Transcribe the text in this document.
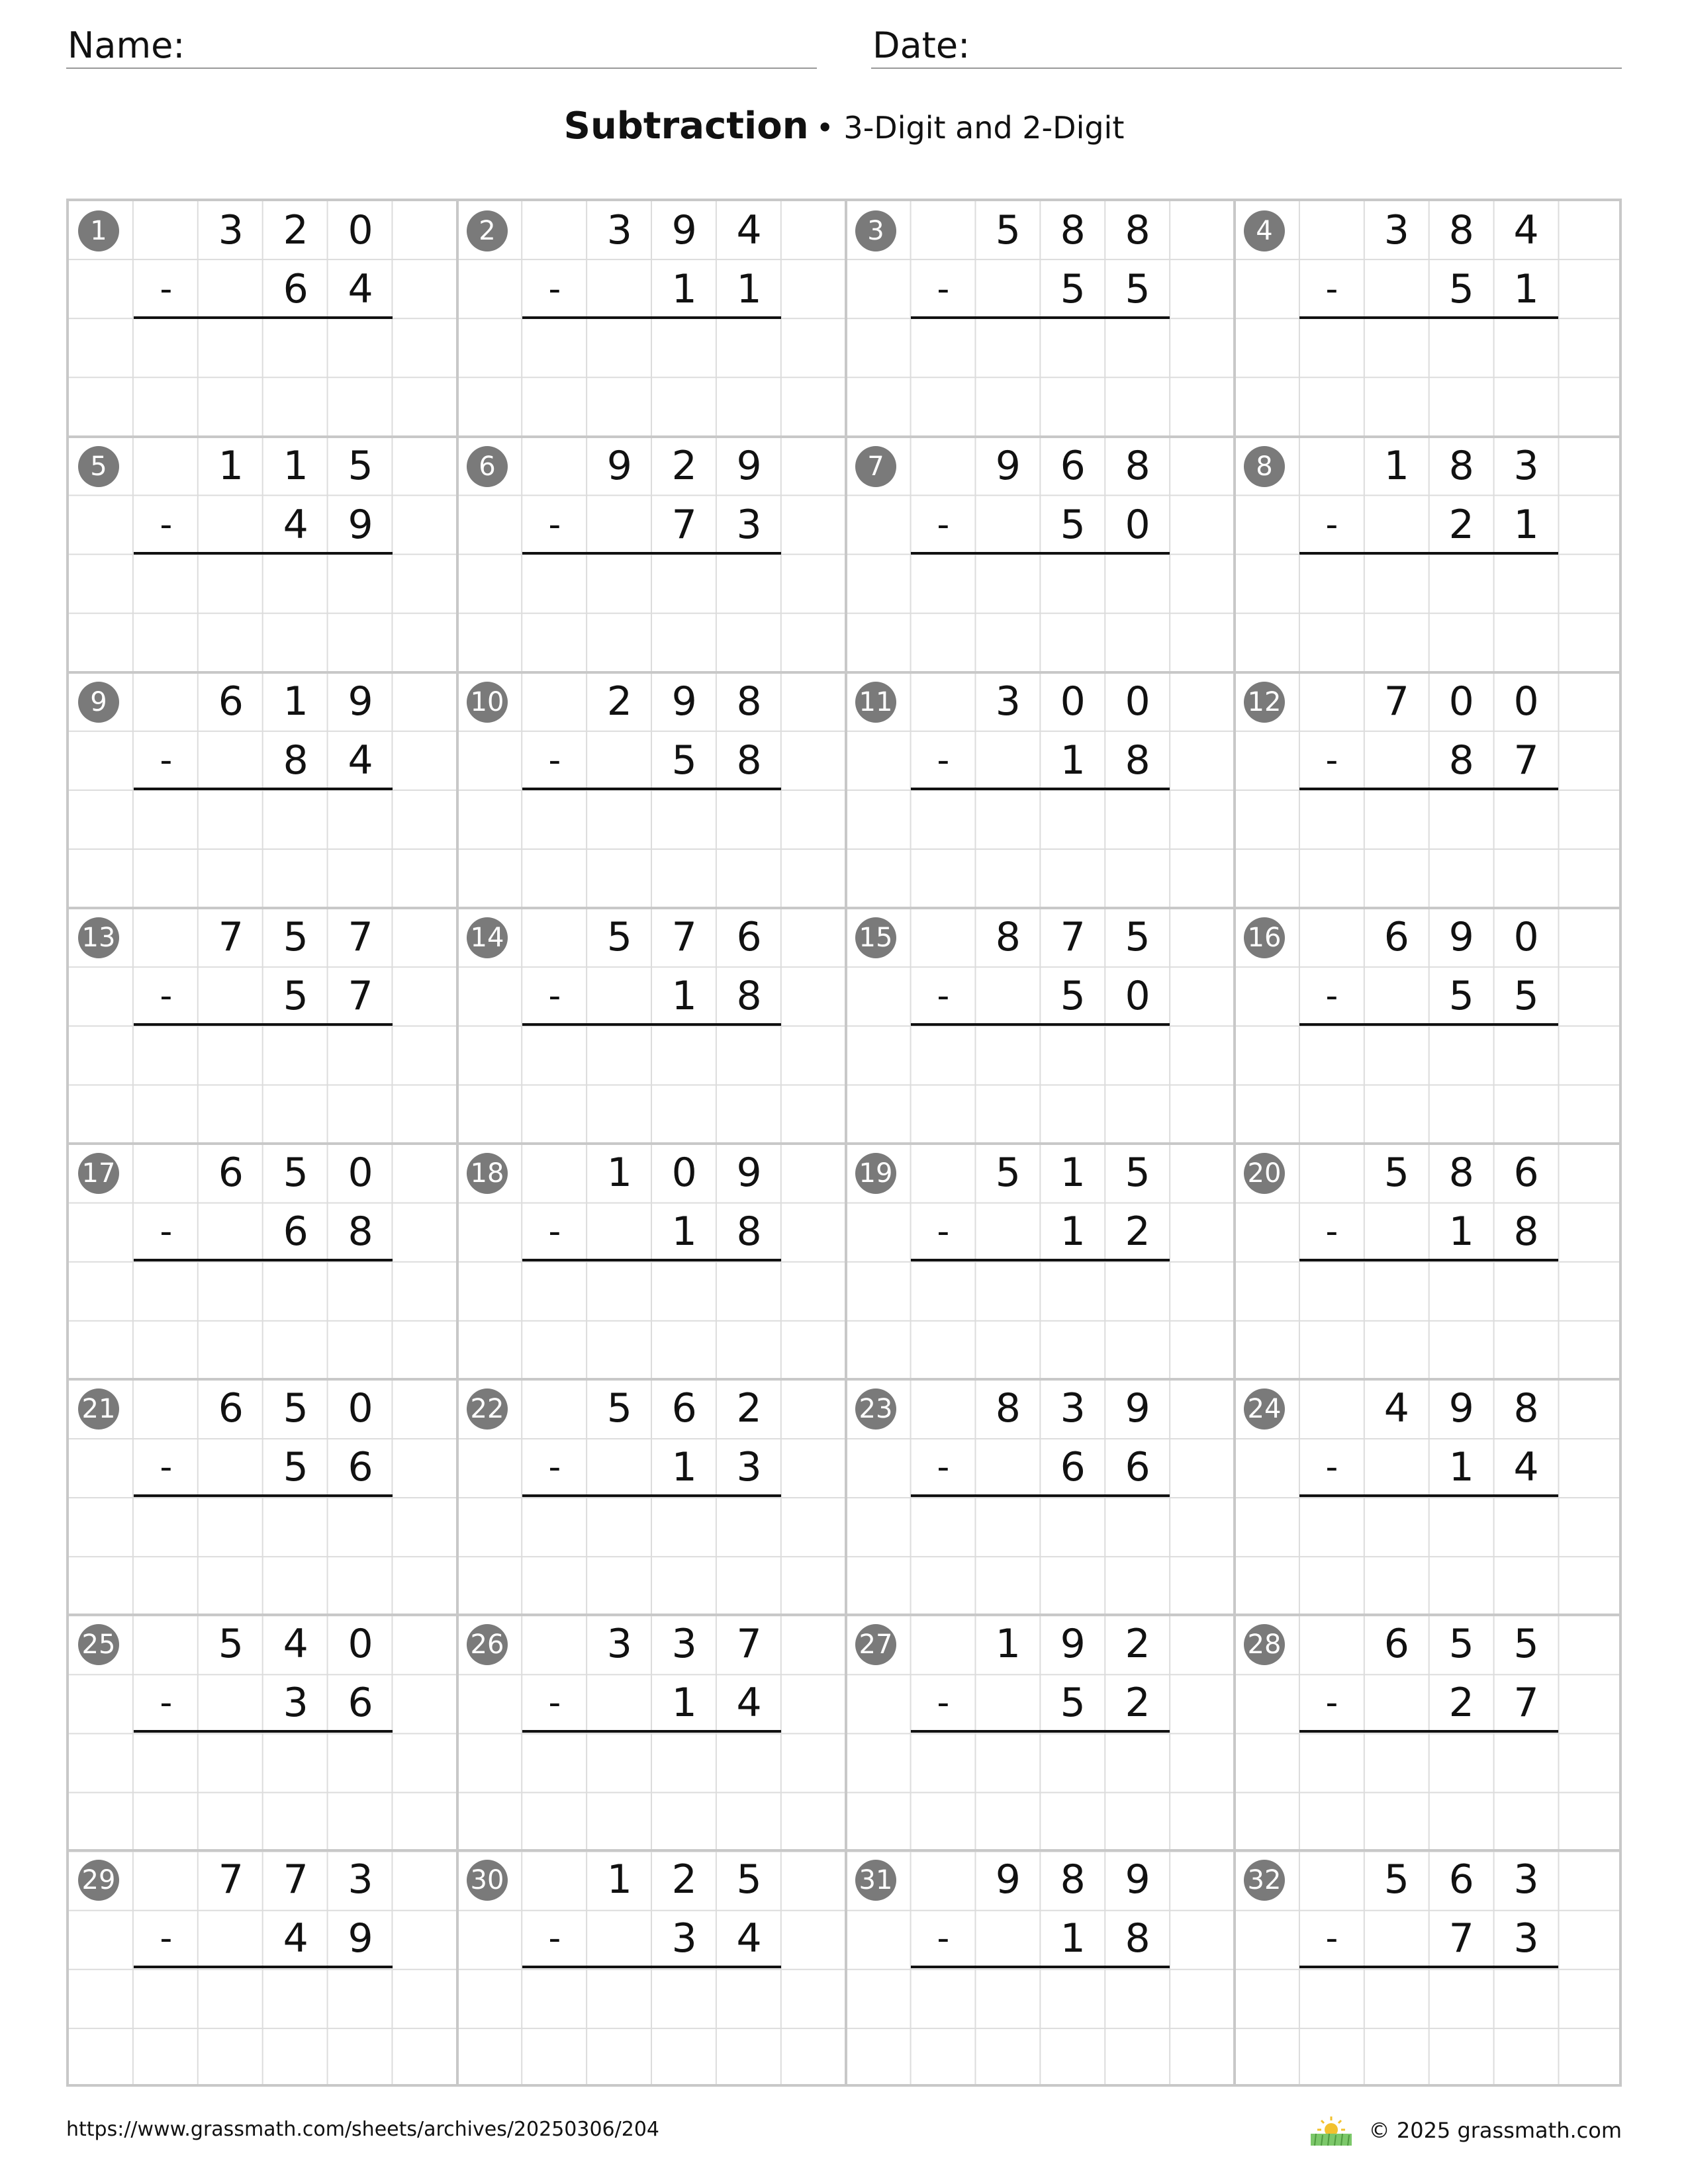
Name:	Date:
Subtraction • 3-Digit and 2-Digit
1	3 2 0
-	6 4
2	3 9 4
-	1 1
3	5 8 8
-	5 5
4	3 8 4
-	5 1
5	1 1 5
-	4 9
6	9 2 9
-	7 3
7	9 6 8
-	5 0
8	1 8 3
-	2 1
9	6 1 9
-	8 4
10	2 9 8
-	5 8
11	3 0 0
-	1 8
12	7 0 0
-	8 7
13	7 5 7
-	5 7
14	5 7 6
-	1 8
15	8 7 5
-	5 0
16	6 9 0
-	5 5
17	6 5 0
-	6 8
18	1 0 9
-	1 8
19	5 1 5
-	1 2
20	5 8 6
-	1 8
21	6 5 0
-	5 6
22	5 6 2
-	1 3
23	8 3 9
-	6 6
24	4 9 8
-	1 4
25	5 4 0
-	3 6
26	3 3 7
-	1 4
27	1 9 2
-	5 2
28	6 5 5
-	2 7
29	7 7 3
-	4 9
30	1 2 5
-	3 4
31	9 8 9
-	1 8
32	5 6 3
-	7 3
https://www.grassmath.com/sheets/archives/20250306/204	© 2025 grassmath.com
